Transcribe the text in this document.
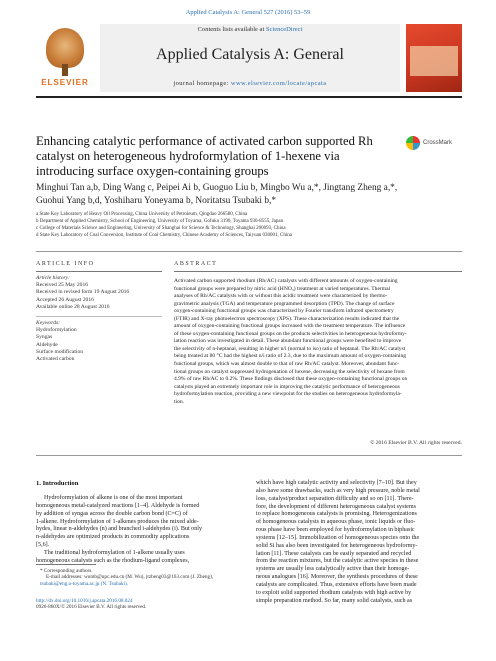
Applied Catalysis A: General 527 (2016) 53–59
ELSEVIER
Contents lists available at ScienceDirect
Applied Catalysis A: General
journal homepage: www.elsevier.com/locate/apcata
Enhancing catalytic performance of activated carbon supported Rh catalyst on heterogeneous hydroformylation of 1-hexene via introducing surface oxygen-containing groups
CrossMark
Minghui Tan a,b, Ding Wang c, Peipei Ai b, Guoguo Liu b, Mingbo Wu a,*, Jingtang Zheng a,*,
Guohui Yang b,d, Yoshiharu Yoneyama b, Noritatsu Tsubaki b,*
a State Key Laboratory of Heavy Oil Processing, China University of Petroleum, Qingdao 266580, China
b Department of Applied Chemistry, School of Engineering, University of Toyama, Gofuku 3190, Toyama 930-8555, Japan
c College of Materials Science and Engineering, University of Shanghai for Science & Technology, Shanghai 200093, China
d State Key Laboratory of Coal Conversion, Institute of Coal Chemistry, Chinese Academy of Sciences, Taiyuan 030001, China
ARTICLE INFO
Article history:
Received 25 May 2016
Received in revised form 19 August 2016
Accepted 26 August 2016
Available online 28 August 2016
Keywords:
Hydroformylation
Syngas
Aldehyde
Surface modification
Activated carbon
ABSTRACT
Activated carbon supported rhodium (Rh/AC) catalysts with different amounts of oxygen-containing
functional groups were prepared by nitric acid (HNO₃) treatment at varied temperatures. Thermal
analyses of Rh/AC catalysts with or without this acidic treatment were characterized by thermo-
gravimetric analysis (TGA) and temperature programmed desorption (TPD). The change of surface
oxygen-containing functional groups was characterized by Fourier transform infrared spectrometry
(FTIR) and X-ray photoelectron spectroscopy (XPS). These characterization results indicated that the
amount of oxygen-containing functional groups increased with the treatment temperature. The influence
of these oxygen-containing functional groups on the products selectivities in heterogeneous hydroformy-
lation reaction was investigated in detail. These abundant functional groups were benefited to improve
the selectivity of n-heptanal, resulting in higher n/i (normal to iso) ratio of heptanal. The Rh/AC catalyst
being treated at 80 °C had the highest n/i ratio of 2.3, due to the maximum amount of oxygen-containing
functional groups, which was almost double to that of raw Rh/AC catalyst. Moreover, abundant func-
tional groups on catalyst suppressed hydrogenation of hexene, decreasing the selectivity of hexane from
4.9% of raw Rh/AC to 0.2%. These findings disclosed that these oxygen-containing functional groups on
catalysts played an extremely important role in improving the catalytic performance of heterogeneous
hydroformylation reaction, providing a new viewpoint for the studies on heterogeneous hydroformyla-
tion.
© 2016 Elsevier B.V. All rights reserved.
1. Introduction
Hydroformylation of alkene is one of the most important
homogeneous metal-catalyzed reactions [1–4]. Aldehyde is formed
by addition of syngas across the double carbon bond (C=C) of
1-alkene. Hydroformylation of 1-alkenes produces the mixed alde-
hydes, linear n-aldehydes (n) and branched i-aldehydes (i). But only
n-aldehydes are optimized products in commodity applications
[5,6].
The traditional hydroformylation of 1-alkene usually uses
homogeneous catalysts such as the rhodium-ligand complexes,
* Corresponding authors.
E-mail addresses: wumb@upc.edu.cn (M. Wu), jtzheng03@163.com (J. Zheng),
tsubaki@eng.u-toyama.ac.jp (N. Tsubaki).
http://dx.doi.org/10.1016/j.apcata.2016.08.024
0926-860X/© 2016 Elsevier B.V. All rights reserved.
which have high catalytic activity and selectivity [7–10]. But they
also have some drawbacks, such as very high pressure, noble metal
loss, catalyst/product separation difficulty and so on [11]. There-
fore, the development of different heterogeneous catalyst systems
to replace homogeneous catalysts is promising. Heterogenizations
of homogeneous catalysts in aqueous phase, ionic liquids or fluo-
rous phase have been employed for hydroformylation in biphasic
systems [12–15]. Immobilization of homogeneous species onto the
solid Si has also been investigated for heterogeneous hydroformy-
lation [11]. These catalysts can be easily separated and recycled
from the reaction mixtures, but the catalytic active species in these
systems are usually less catalytically active than their homoge-
neous analogues [16]. Moreover, the synthesis procedures of these
catalysts are complicated. Thus, extensive efforts have been made
to exploit solid supported rhodium catalysts with high active by
simple preparation method. So far, many solid catalysts, such as
